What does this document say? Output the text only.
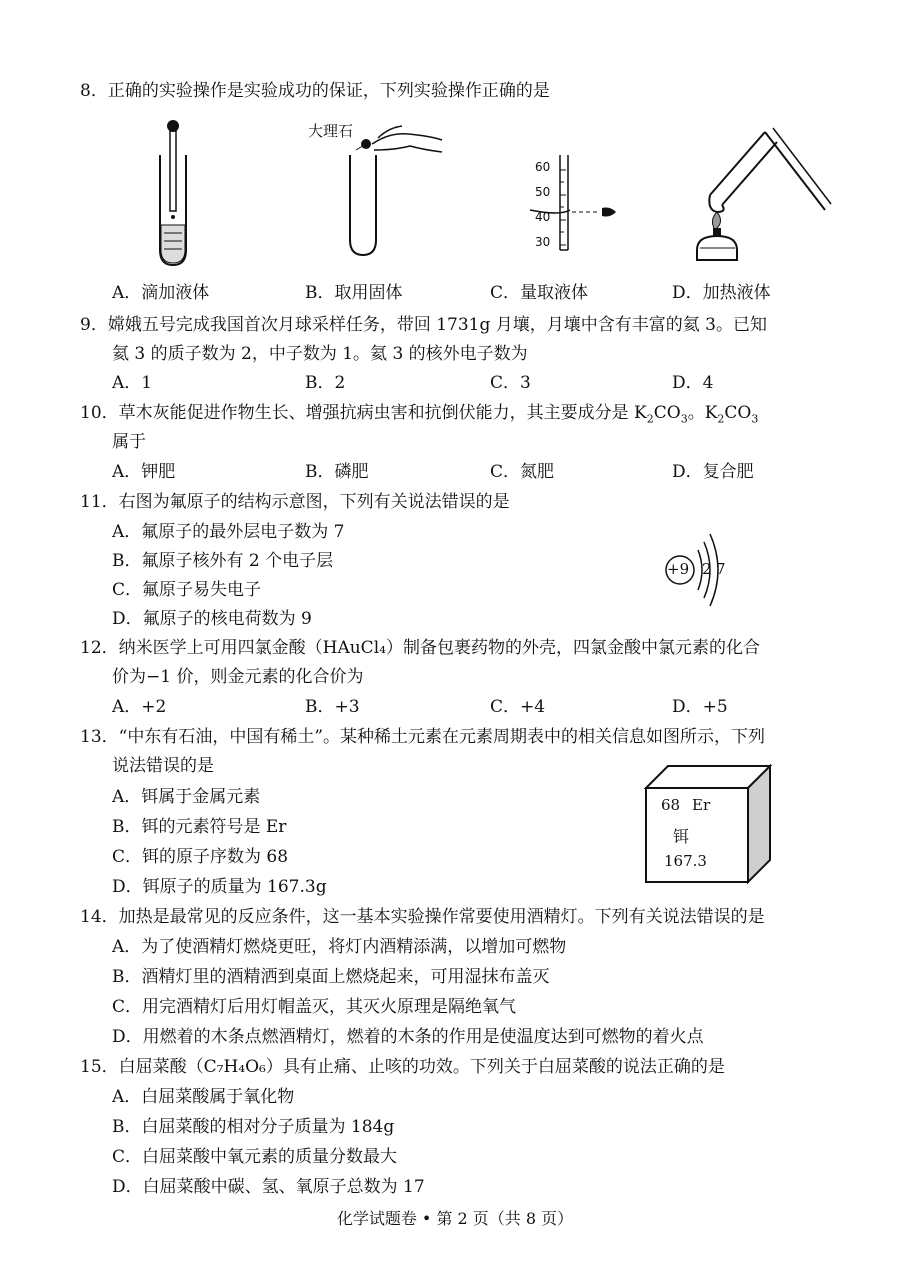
8．正确的实验操作是实验成功的保证，下列实验操作正确的是
大理石
60
50
40
30
A．滴加液体	B．取用固体	C．量取液体	D．加热液体
9．嫦娥五号完成我国首次月球采样任务，带回 1731g 月壤，月壤中含有丰富的氦 3。已知
氦 3 的质子数为 2，中子数为 1。氦 3 的核外电子数为
A．1	B．2	C．3	D．4
10．草木灰能促进作物生长、增强抗病虫害和抗倒伏能力，其主要成分是 $K_2CO_3$。$K_2CO_3$
属于
A．钾肥	B．磷肥	C．氮肥	D．复合肥
11．右图为氟原子的结构示意图，下列有关说法错误的是
A．氟原子的最外层电子数为 7
B．氟原子核外有 2 个电子层
C．氟原子易失电子
D．氟原子的核电荷数为 9
+9 2 7
12．纳米医学上可用四氯金酸（HAuCl₄）制备包裹药物的外壳，四氯金酸中氯元素的化合
价为−1 价，则金元素的化合价为
A．+2	B．+3	C．+4	D．+5
13．“中东有石油，中国有稀土”。某种稀土元素在元素周期表中的相关信息如图所示，下列
说法错误的是
A．铒属于金属元素
B．铒的元素符号是 Er
C．铒的原子序数为 68
D．铒原子的质量为 167.3g
68 Er
铒
167.3
14．加热是最常见的反应条件，这一基本实验操作常要使用酒精灯。下列有关说法错误的是
A．为了使酒精灯燃烧更旺，将灯内酒精添满，以增加可燃物
B．酒精灯里的酒精洒到桌面上燃烧起来，可用湿抹布盖灭
C．用完酒精灯后用灯帽盖灭，其灭火原理是隔绝氧气
D．用燃着的木条点燃酒精灯，燃着的木条的作用是使温度达到可燃物的着火点
15．白屈菜酸（C₇H₄O₆）具有止痛、止咳的功效。下列关于白屈菜酸的说法正确的是
A．白屈菜酸属于氧化物
B．白屈菜酸的相对分子质量为 184g
C．白屈菜酸中氧元素的质量分数最大
D．白屈菜酸中碳、氢、氧原子总数为 17
化学试题卷 • 第 2 页（共 8 页）
